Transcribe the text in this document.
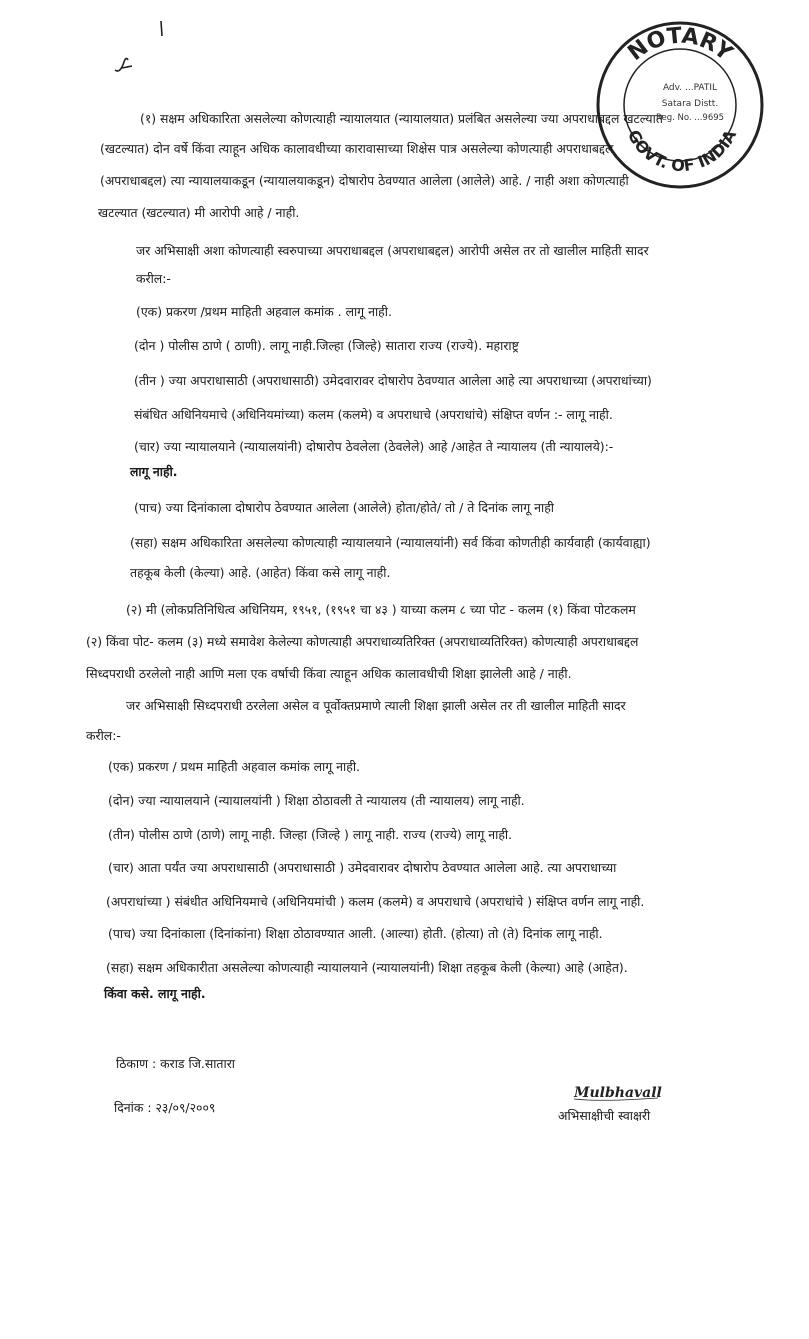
NOTARY
GOVT. OF INDIA
Adv. ...PATIL
Satara Distt.
Reg. No. ...9695
(१) सक्षम अधिकारिता असलेल्या कोणत्याही न्यायालयात (न्यायालयात) प्रलंबित असलेल्या ज्या अपराधाबद्दल खटल्यात
(खटल्यात) दोन वर्षे किंवा त्याहून अधिक कालावधीच्या कारावासाच्या शिक्षेस पात्र असलेल्या कोणत्याही अपराधाबद्दल
(अपराधाबद्दल) त्या न्यायालयाकडून (न्यायालयाकडून) दोषारोप ठेवण्यात आलेला (आलेले) आहे. / नाही अशा कोणत्याही
खटल्यात (खटल्यात) मी आरोपी आहे / नाही.
जर अभिसाक्षी अशा कोणत्याही स्वरुपाच्या अपराधाबद्दल (अपराधाबद्दल) आरोपी असेल तर तो खालील माहिती सादर
करील:-
(एक) प्रकरण /प्रथम माहिती अहवाल कमांक . लागू नाही.
(दोन ) पोलीस ठाणे ( ठाणी). लागू नाही.जिल्हा (जिल्हे) सातारा राज्य (राज्ये). महाराष्ट्र
(तीन ) ज्या अपराधासाठी (अपराधासाठी) उमेदवारावर दोषारोप ठेवण्यात आलेला आहे त्या अपराधाच्या (अपराधांच्या)
संबंधित अधिनियमाचे (अधिनियमांच्या) कलम (कलमे) व अपराधाचे (अपराधांचे) संक्षिप्त वर्णन :- लागू नाही.
(चार) ज्या न्यायालयाने (न्यायालयांनी) दोषारोप ठेवलेला (ठेवलेले) आहे /आहेत ते न्यायालय (ती न्यायालये):-
लागू नाही.
(पाच) ज्या दिनांकाला दोषारोप ठेवण्यात आलेला (आलेले) होता/होते/ तो / ते दिनांक लागू नाही
(सहा) सक्षम अधिकारिता असलेल्या कोणत्याही न्यायालयाने (न्यायालयांनी) सर्व किंवा कोणतीही कार्यवाही (कार्यवाह्या)
तहकूब केली (केल्या) आहे. (आहेत) किंवा कसे लागू नाही.
(२) मी (लोकप्रतिनिधित्व अधिनियम, १९५१, (१९५१ चा ४३ ) याच्या कलम ८ च्या पोट - कलम (१) किंवा पोटकलम
(२) किंवा पोट- कलम (३) मध्ये समावेश केलेल्या कोणत्याही अपराधाव्यतिरिक्त (अपराधाव्यतिरिक्त) कोणत्याही अपराधाबद्दल
सिध्दपराधी ठरलेलो नाही आणि मला एक वर्षाची किंवा त्याहून अधिक कालावधीची शिक्षा झालेली आहे / नाही.
जर अभिसाक्षी सिध्दपराधी ठरलेला असेल व पूर्वोक्तप्रमाणे त्याली शिक्षा झाली असेल तर ती खालील माहिती सादर
करील:-
(एक) प्रकरण / प्रथम माहिती अहवाल कमांक लागू नाही.
(दोन) ज्या न्यायालयाने (न्यायालयांनी ) शिक्षा ठोठावली ते न्यायालय (ती न्यायालय) लागू नाही.
(तीन) पोलीस ठाणे (ठाणे) लागू नाही. जिल्हा (जिल्हे ) लागू नाही. राज्य (राज्ये) लागू नाही.
(चार) आता पर्यंत ज्या अपराधासाठी (अपराधासाठी ) उमेदवारावर दोषारोप ठेवण्यात आलेला आहे. त्या अपराधाच्या
(अपराधांच्या ) संबंधीत अधिनियमाचे (अधिनियमांची ) कलम (कलमे) व अपराधाचे (अपराधांचे ) संक्षिप्त वर्णन लागू नाही.
(पाच) ज्या दिनांकाला (दिनांकांना) शिक्षा ठोठावण्यात आली. (आल्या) होती. (होत्या) तो (ते) दिनांक लागू नाही.
(सहा) सक्षम अधिकारीता असलेल्या कोणत्याही न्यायालयाने (न्यायालयांनी) शिक्षा तहकूब केली (केल्या) आहे (आहेत).
किंवा कसे. लागू नाही.
ठिकाण : कराड जि.सातारा
दिनांक : २३/०९/२००९
Mulbhavall
अभिसाक्षीची स्वाक्षरी
